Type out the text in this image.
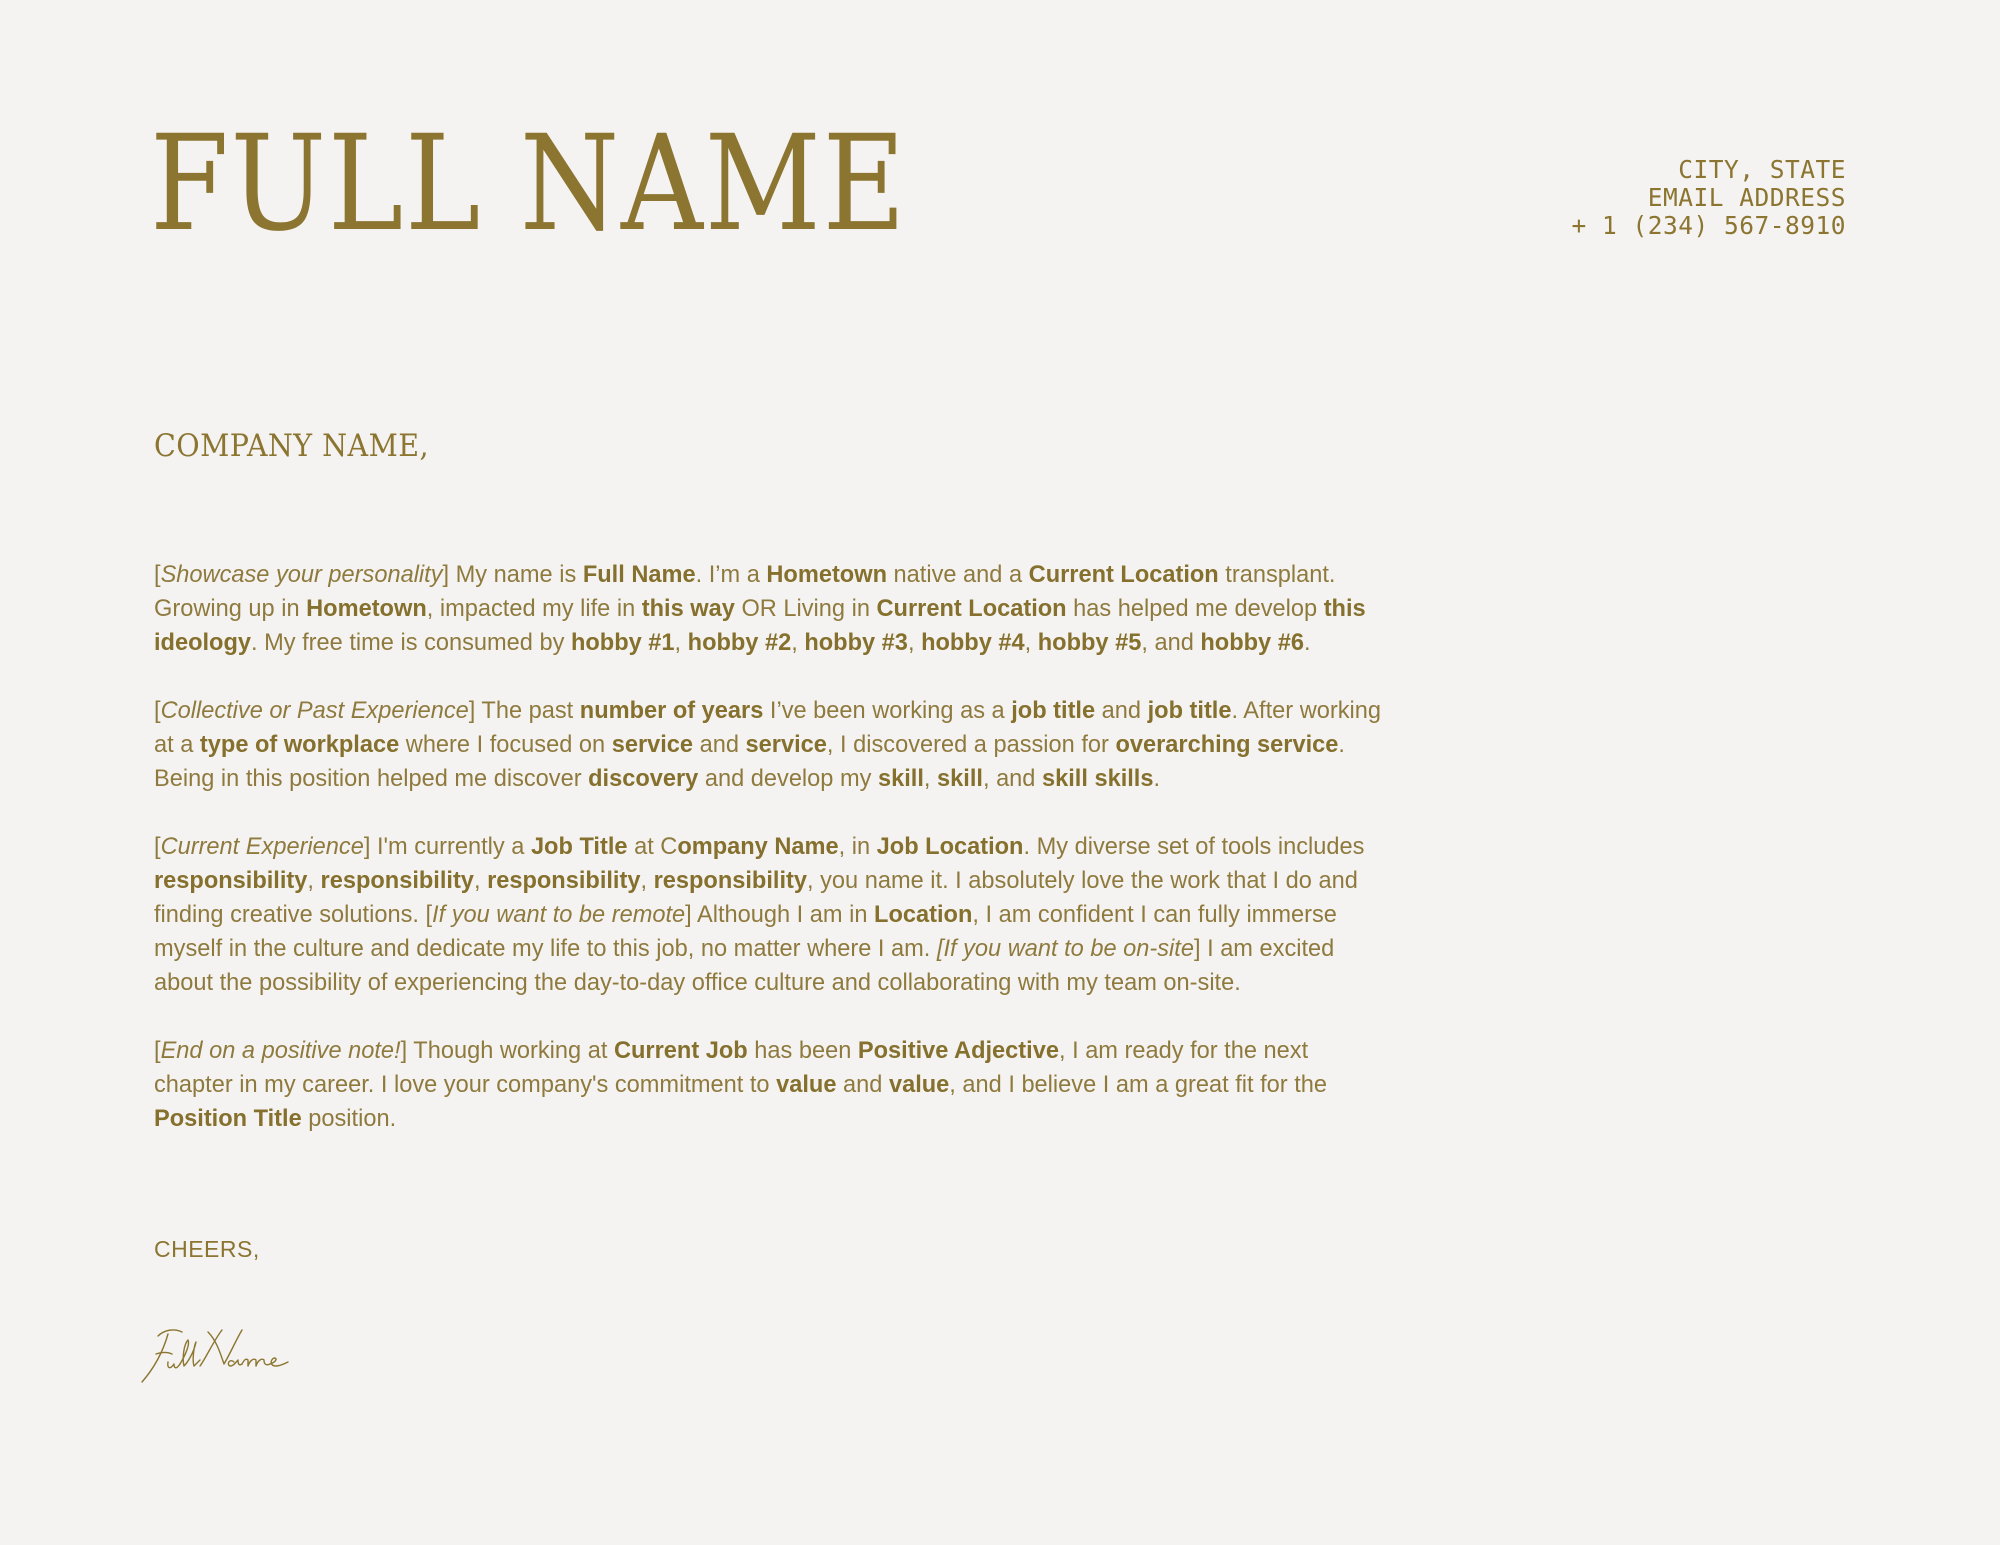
FULL NAME	CITY, STATE
EMAIL ADDRESS
+ 1 (234) 567-8910
COMPANY NAME,

[Showcase your personality] My name is Full Name. I’m a Hometown native and a Current Location transplant. Growing up in Hometown, impacted my life in this way OR Living in Current Location has helped me develop this ideology. My free time is consumed by hobby #1, hobby #2, hobby #3, hobby #4, hobby #5, and hobby #6.

[Collective or Past Experience] The past number of years I’ve been working as a job title and job title. After working at a type of workplace where I focused on service and service, I discovered a passion for overarching service. Being in this position helped me discover discovery and develop my skill, skill, and skill skills.

[Current Experience] I'm currently a Job Title at Company Name, in Job Location. My diverse set of tools includes responsibility, responsibility, responsibility, responsibility, you name it. I absolutely love the work that I do and finding creative solutions. [If you want to be remote] Although I am in Location, I am confident I can fully immerse myself in the culture and dedicate my life to this job, no matter where I am. [If you want to be on-site] I am excited about the possibility of experiencing the day-to-day office culture and collaborating with my team on-site.

[End on a positive note!] Though working at Current Job has been Positive Adjective, I am ready for the next chapter in my career. I love your company's commitment to value and value, and I believe I am a great fit for the Position Title position.

CHEERS,
